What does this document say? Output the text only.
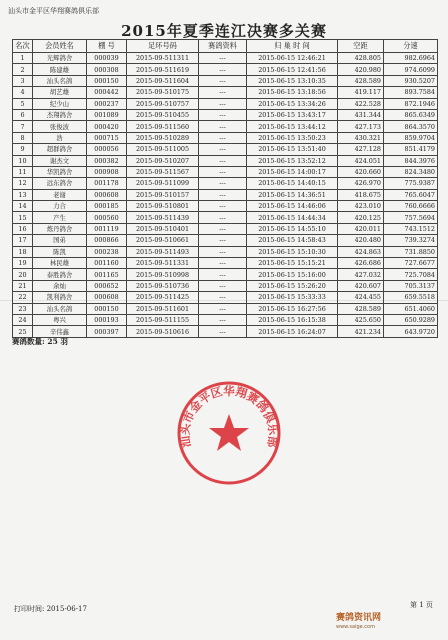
汕头市金平区华翔赛鸽俱乐部
2015年夏季连江决赛多关赛
名次	会员姓名	棚 号	足环号码	赛鸽资料	归 巢 时 间	空距	分速
1	光辉鸽舍	000039	2015-09-511311	---	2015-06-15 12:46:21	428.805	982.6964
2	陈建雄	000308	2015-09-511619	---	2015-06-15 12:41:56	420.980	974.6099
3	汕头名鸽	000150	2015-09-511604	---	2015-06-15 13:10:35	428.589	930.5207
4	胡艺雄	000442	2015-09-510175	---	2015-06-15 13:18:56	419.117	893.7584
5	纪少山	000237	2015-09-510757	---	2015-06-15 13:34:26	422.528	872.1946
6	杰翔鸽舍	001089	2015-09-510455	---	2015-06-15 13:43:17	431.344	865.6349
7	张俊波	000420	2015-09-511560	---	2015-06-15 13:44:12	427.173	864.3570
8	浩	000715	2015-09-510289	---	2015-06-15 13:50:23	430.321	859.9704
9	超群鸽舍	000056	2015-09-511005	---	2015-06-15 13:51:40	427.128	851.4179
10	谢杰文	000382	2015-09-510207	---	2015-06-15 13:52:12	424.051	844.3976
11	华凯鸽舍	000908	2015-09-511567	---	2015-06-15 14:00:17	420.660	824.3480
12	远东鸽舍	001178	2015-09-511099	---	2015-06-15 14:40:15	426.970	775.9387
13	老谢	000608	2015-09-510157	---	2015-06-15 14:36:51	418.675	765.6047
14	力合	000185	2015-09-510801	---	2015-06-15 14:46:06	423.010	760.6666
15	产生	000560	2015-09-511439	---	2015-06-15 14:44:34	420.125	757.5694
16	炼丹鸽舍	001119	2015-09-510401	---	2015-06-15 14:55:10	420.011	743.1512
17	国弟	000866	2015-09-510661	---	2015-06-15 14:58:43	420.480	739.3274
18	陈凯	000238	2015-09-511493	---	2015-06-15 15:10:30	424.863	731.8850
19	林民雄	001160	2015-09-511331	---	2015-06-15 15:15:21	426.686	727.6677
20	泰胜鸽舍	001165	2015-09-510998	---	2015-06-15 15:16:00	427.032	725.7084
21	余灿	000652	2015-09-510736	---	2015-06-15 15:26:20	420.607	705.3137
22	凯利鸽舍	000608	2015-09-511425	---	2015-06-15 15:33:33	424.455	659.5518
23	汕头名鸽	000150	2015-09-511601	---	2015-06-15 16:27:56	428.589	651.4060
24	粤兴	000193	2015-09-511155	---	2015-06-15 16:15:38	425.650	650.9289
25	辛伟鑫	000397	2015-09-510616	---	2015-06-15 16:24:07	421.234	643.9720
赛鸽数量: 25 羽
汕头市金平区华翔赛鸽俱乐部
打印时间: 2015-06-17	第 1 页
赛鸽资讯网
www.saige.com
